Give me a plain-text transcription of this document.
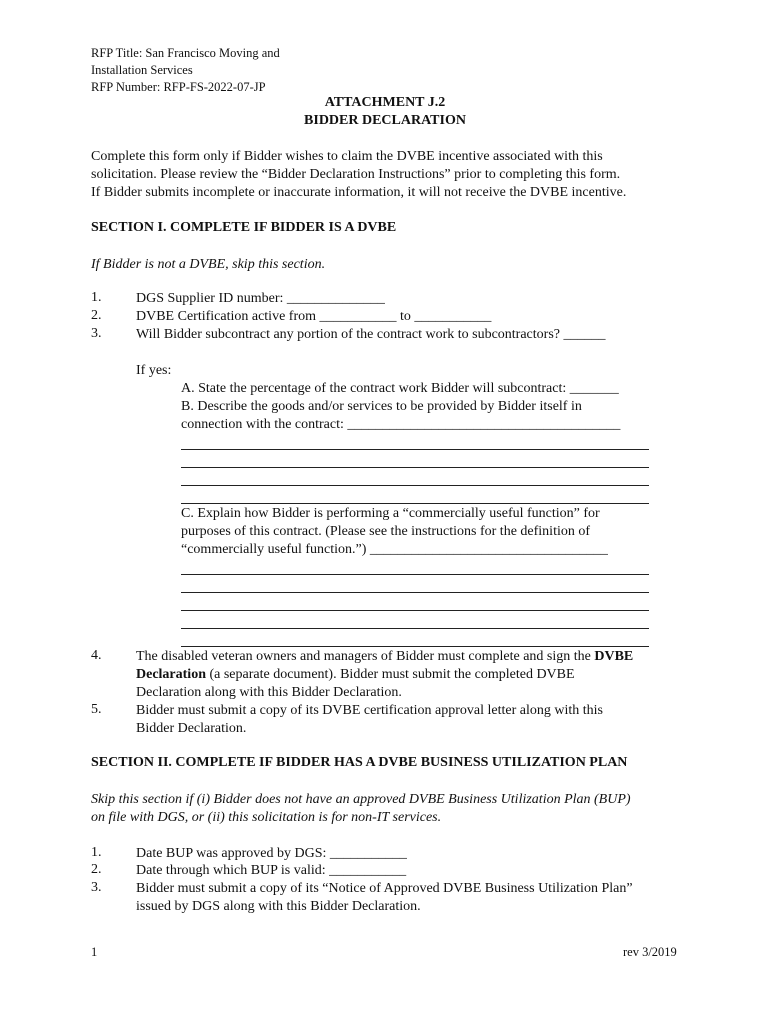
RFP Title: San Francisco Moving and
Installation Services
RFP Number: RFP-FS-2022-07-JP
ATTACHMENT J.2
BIDDER DECLARATION
Complete this form only if Bidder wishes to claim the DVBE incentive associated with this
solicitation. Please review the “Bidder Declaration Instructions” prior to completing this form.
If Bidder submits incomplete or inaccurate information, it will not receive the DVBE incentive.
SECTION I. COMPLETE IF BIDDER IS A DVBE
If Bidder is not a DVBE, skip this section.
1. DGS Supplier ID number: ______________
2. DVBE Certification active from ___________ to ___________
3. Will Bidder subcontract any portion of the contract work to subcontractors? ______
If yes:
A. State the percentage of the contract work Bidder will subcontract: _______
B. Describe the goods and/or services to be provided by Bidder itself in
connection with the contract: _______________________________________
C. Explain how Bidder is performing a “commercially useful function” for
purposes of this contract. (Please see the instructions for the definition of
“commercially useful function.”) __________________________________
4. The disabled veteran owners and managers of Bidder must complete and sign the DVBE
Declaration (a separate document). Bidder must submit the completed DVBE
Declaration along with this Bidder Declaration.
5. Bidder must submit a copy of its DVBE certification approval letter along with this
Bidder Declaration.
SECTION II. COMPLETE IF BIDDER HAS A DVBE BUSINESS UTILIZATION PLAN
Skip this section if (i) Bidder does not have an approved DVBE Business Utilization Plan (BUP)
on file with DGS, or (ii) this solicitation is for non-IT services.
1. Date BUP was approved by DGS: ___________
2. Date through which BUP is valid: ___________
3. Bidder must submit a copy of its “Notice of Approved DVBE Business Utilization Plan”
issued by DGS along with this Bidder Declaration.
1	rev 3/2019
